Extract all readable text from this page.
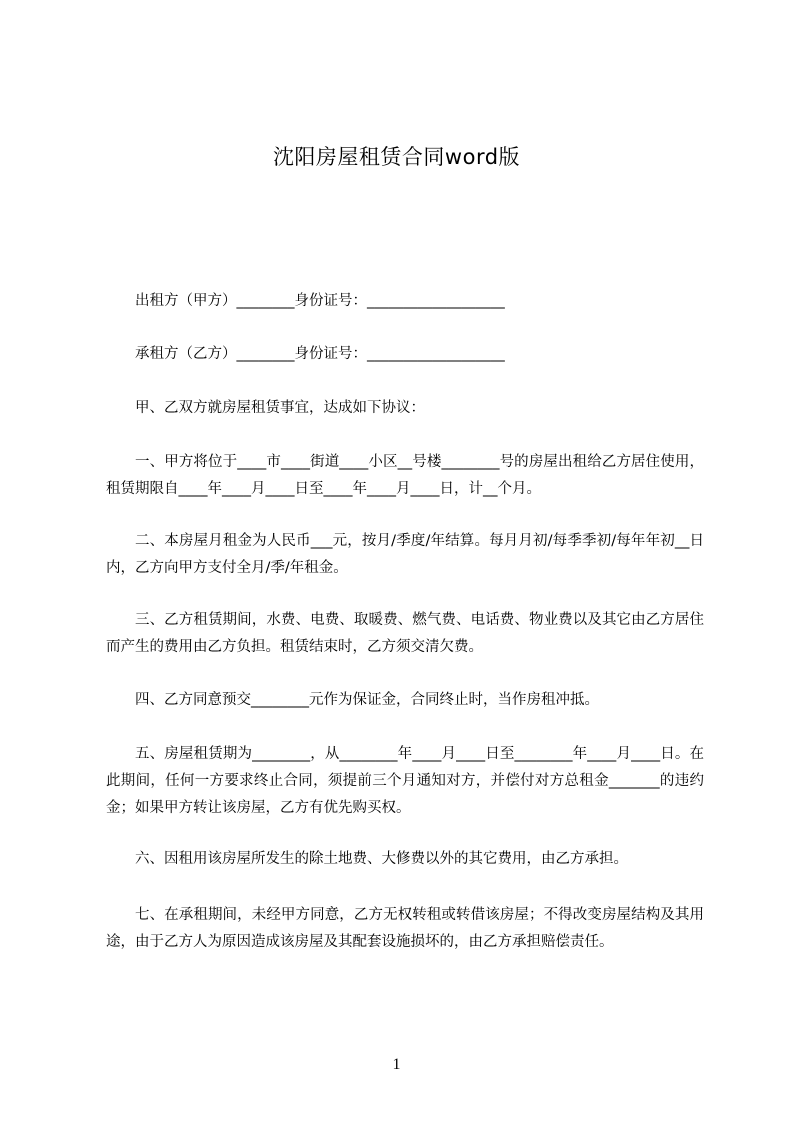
沈阳房屋租赁合同word版
出租方（甲方）________身份证号：___________________
承租方（乙方）________身份证号：___________________
甲、乙双方就房屋租赁事宜，达成如下协议：
一、甲方将位于____市____街道____小区__号楼________号的房屋出租给乙方居住使用，租赁期限自____年____月____日至____年____月____日，计__个月。
二、本房屋月租金为人民币___元，按月/季度/年结算。每月月初/每季季初/每年年初__日内，乙方向甲方支付全月/季/年租金。
三、乙方租赁期间，水费、电费、取暖费、燃气费、电话费、物业费以及其它由乙方居住而产生的费用由乙方负担。租赁结束时，乙方须交清欠费。
四、乙方同意预交________元作为保证金，合同终止时，当作房租冲抵。
五、房屋租赁期为________，从________年____月____日至________年____月____日。在此期间，任何一方要求终止合同，须提前三个月通知对方，并偿付对方总租金_______的违约金；如果甲方转让该房屋，乙方有优先购买权。
六、因租用该房屋所发生的除土地费、大修费以外的其它费用，由乙方承担。
七、在承租期间，未经甲方同意，乙方无权转租或转借该房屋；不得改变房屋结构及其用途，由于乙方人为原因造成该房屋及其配套设施损坏的，由乙方承担赔偿责任。
1
